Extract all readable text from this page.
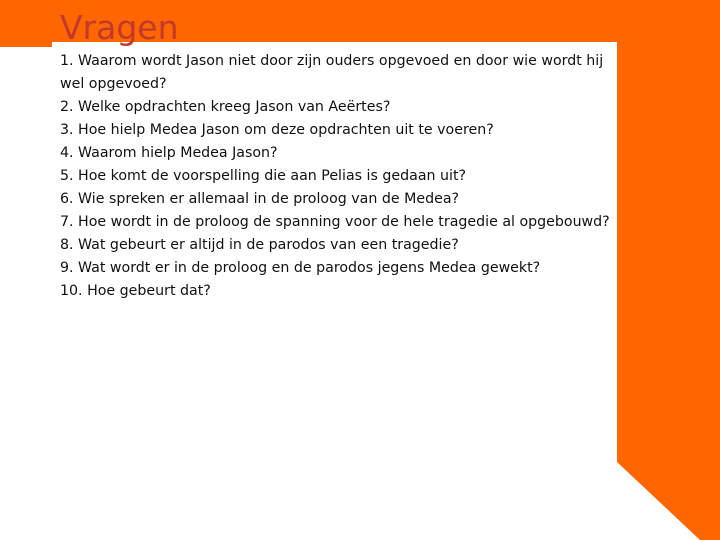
Vragen
1. Waarom wordt Jason niet door zijn ouders opgevoed en door wie wordt hij wel opgevoed?
2. Welke opdrachten kreeg Jason van Aeërtes?
3. Hoe hielp Medea Jason om deze opdrachten uit te voeren?
4. Waarom hielp Medea Jason?
5. Hoe komt de voorspelling die aan Pelias is gedaan uit?
6. Wie spreken er allemaal in de proloog van de Medea?
7. Hoe wordt in de proloog de spanning voor de hele tragedie al opgebouwd?
8. Wat gebeurt er altijd in de parodos van een tragedie?
9. Wat wordt er in de proloog en de parodos jegens Medea gewekt?
10. Hoe gebeurt dat?
